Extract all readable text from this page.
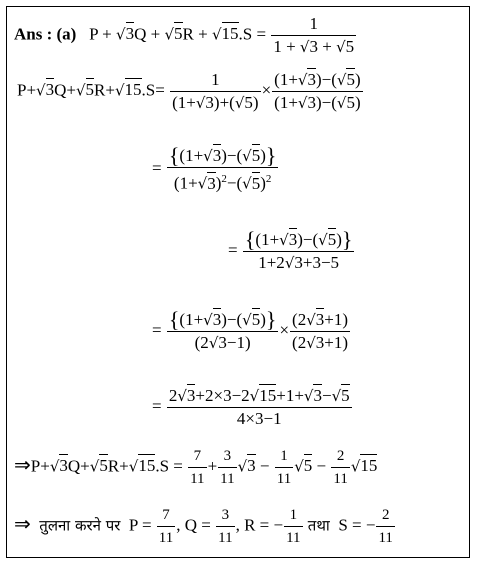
Ans : (a)   $P + √3Q + √5R + √15.S = \frac{1}{1 + √3 + √5}$
$P+√3Q+√5R+√15.S= \frac{1}{(1+√3)+(√5)} \times \frac{(1+√3)-(√5)}{(1+√3)-(√5)}$
= $\frac{\{(1+√3)-(√5)\}}{(1+√3)^2-(√5)^2}$
= $\frac{\{(1+√3)-(√5)\}}{1+2√3+3-5}$
= $\frac{\{(1+√3)-(√5)\}}{(2√3-1)} \times \frac{(2√3+1)}{(2√3+1)}$
= $\frac{2√3+2\times 3-2√15+1+√3-√5}{4\times 3-1}$
⇒P+√3Q+√5R+√15.S = $\frac{7}{11} + \frac{3}{11} √3 - \frac{1}{11} √5 - \frac{2}{11} √15$
⇒ तुलना करने पर  $P = \frac{7}{11}$ , $Q = \frac{3}{11}$ , R = − $\frac{1}{11}$ तथा  S = − $\frac{2}{11}$
